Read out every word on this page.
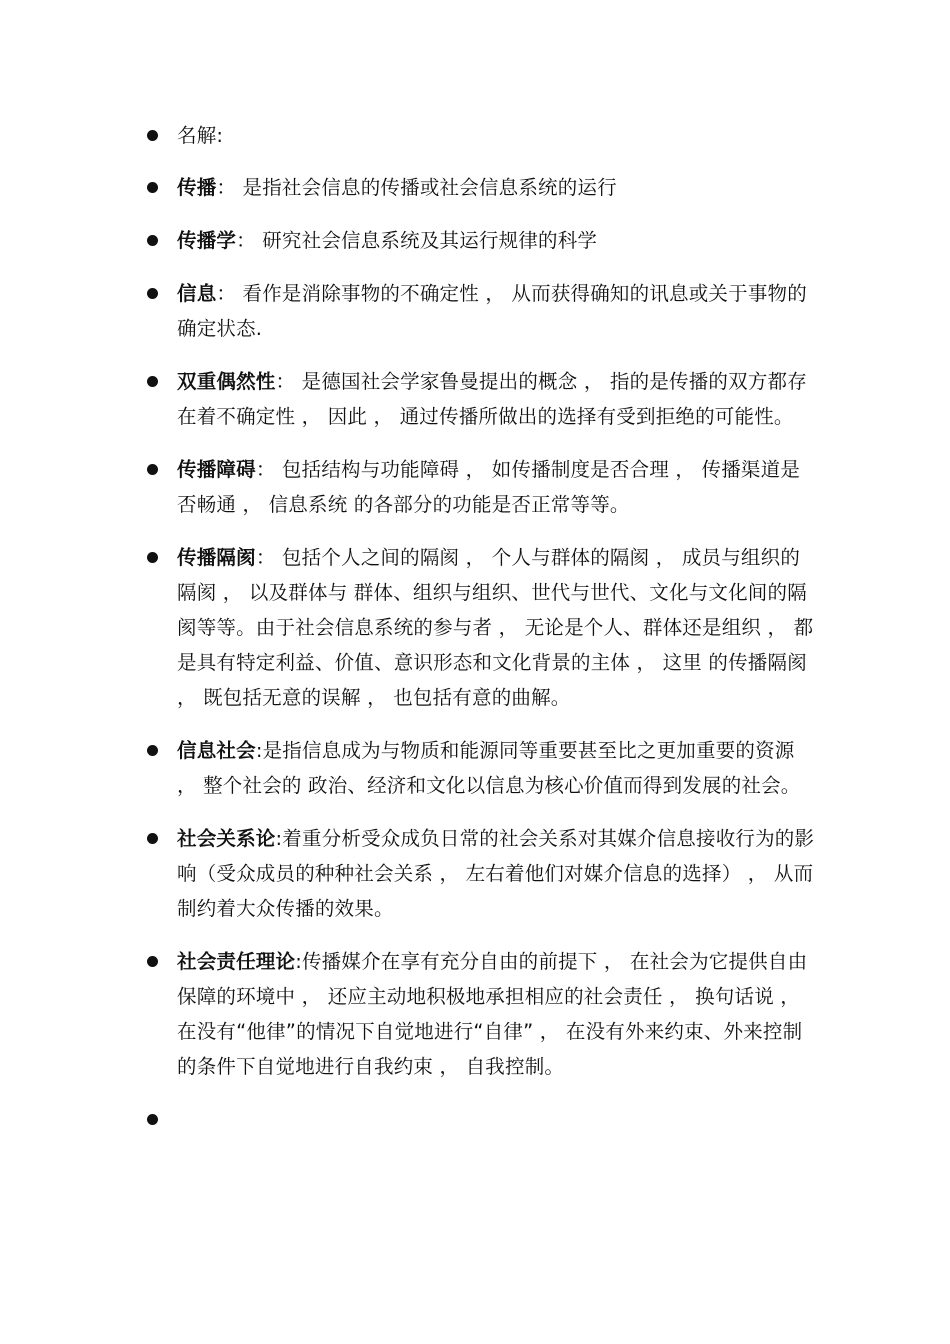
名解:
传播： 是指社会信息的传播或社会信息系统的运行
传播学： 研究社会信息系统及其运行规律的科学
信息： 看作是消除事物的不确定性 ， 从而获得确知的讯息或关于事物的确定状态.
双重偶然性： 是德国社会学家鲁曼提出的概念 ， 指的是传播的双方都存在着不确定性 ， 因此 ， 通过传播所做出的选择有受到拒绝的可能性。
传播障碍： 包括结构与功能障碍 ， 如传播制度是否合理 ， 传播渠道是否畅通 ， 信息系统 的各部分的功能是否正常等等。
传播隔阂： 包括个人之间的隔阂 ， 个人与群体的隔阂 ， 成员与组织的隔阂 ， 以及群体与 群体、组织与组织、世代与世代、文化与文化间的隔阂等等。由于社会信息系统的参与者 ， 无论是个人、群体还是组织 ， 都是具有特定利益、价值、意识形态和文化背景的主体 ， 这里 的传播隔阂 ， 既包括无意的误解 ， 也包括有意的曲解。
信息社会:是指信息成为与物质和能源同等重要甚至比之更加重要的资源 ， 整个社会的 政治、经济和文化以信息为核心价值而得到发展的社会。
社会关系论:着重分析受众成负日常的社会关系对其媒介信息接收行为的影响（受众成员的种种社会关系 ， 左右着他们对媒介信息的选择） ， 从而制约着大众传播的效果。
社会责任理论:传播媒介在享有充分自由的前提下 ， 在社会为它提供自由保障的环境中 ， 还应主动地积极地承担相应的社会责任 ， 换句话说 ， 在没有“他律”的情况下自觉地进行“自律” ， 在没有外来约束、外来控制的条件下自觉地进行自我约束 ， 自我控制。
